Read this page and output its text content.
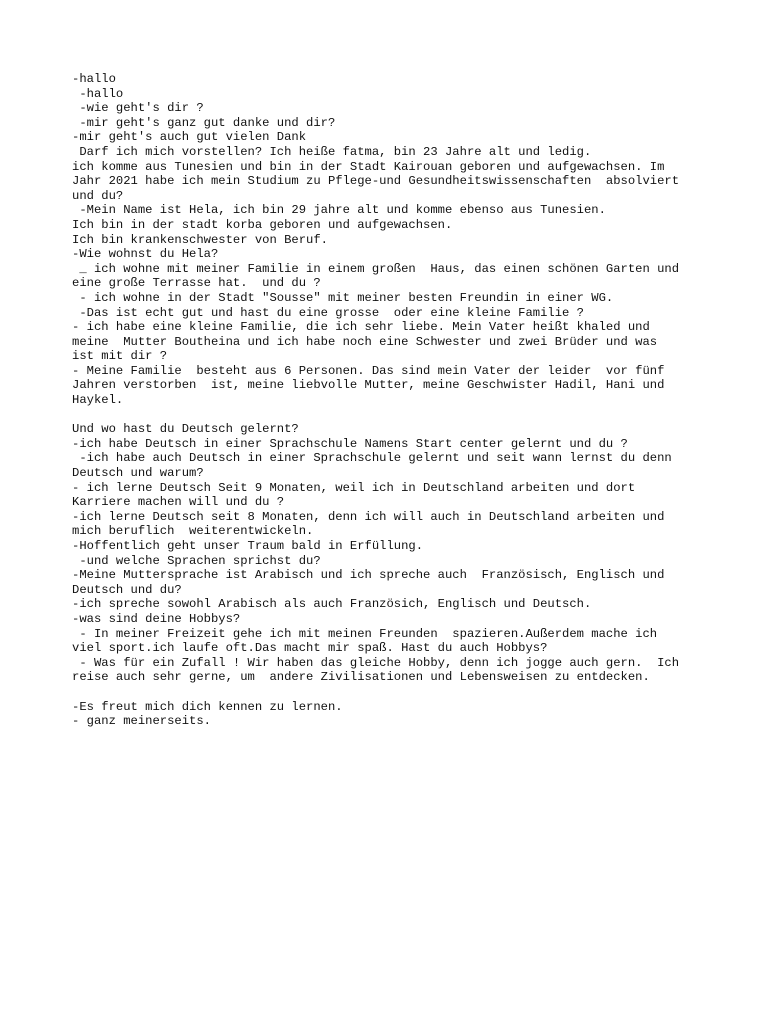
-hallo
-hallo
-wie geht's dir ?
-mir geht's ganz gut danke und dir?
-mir geht's auch gut vielen Dank
Darf ich mich vorstellen? Ich heiße fatma, bin 23 Jahre alt und ledig.
ich komme aus Tunesien und bin in der Stadt Kairouan geboren und aufgewachsen. Im
Jahr 2021 habe ich mein Studium zu Pflege-und Gesundheitswissenschaften  absolviert
und du?
-Mein Name ist Hela, ich bin 29 jahre alt und komme ebenso aus Tunesien.
Ich bin in der stadt korba geboren und aufgewachsen.
Ich bin krankenschwester von Beruf.
-Wie wohnst du Hela?
_ ich wohne mit meiner Familie in einem großen  Haus, das einen schönen Garten und
eine große Terrasse hat.  und du ?
- ich wohne in der Stadt "Sousse" mit meiner besten Freundin in einer WG.
-Das ist echt gut und hast du eine grosse  oder eine kleine Familie ?
- ich habe eine kleine Familie, die ich sehr liebe. Mein Vater heißt khaled und
meine  Mutter Boutheina und ich habe noch eine Schwester und zwei Brüder und was
ist mit dir ?
- Meine Familie  besteht aus 6 Personen. Das sind mein Vater der leider  vor fünf
Jahren verstorben  ist, meine liebvolle Mutter, meine Geschwister Hadil, Hani und
Haykel.
Und wo hast du Deutsch gelernt?
-ich habe Deutsch in einer Sprachschule Namens Start center gelernt und du ?
-ich habe auch Deutsch in einer Sprachschule gelernt und seit wann lernst du denn
Deutsch und warum?
- ich lerne Deutsch Seit 9 Monaten, weil ich in Deutschland arbeiten und dort
Karriere machen will und du ?
-ich lerne Deutsch seit 8 Monaten, denn ich will auch in Deutschland arbeiten und
mich beruflich  weiterentwickeln.
-Hoffentlich geht unser Traum bald in Erfüllung.
-und welche Sprachen sprichst du?
-Meine Muttersprache ist Arabisch und ich spreche auch  Französisch, Englisch und
Deutsch und du?
-ich spreche sowohl Arabisch als auch Französich, Englisch und Deutsch.
-was sind deine Hobbys?
- In meiner Freizeit gehe ich mit meinen Freunden  spazieren.Außerdem mache ich
viel sport.ich laufe oft.Das macht mir spaß. Hast du auch Hobbys?
- Was für ein Zufall ! Wir haben das gleiche Hobby, denn ich jogge auch gern.  Ich
reise auch sehr gerne, um  andere Zivilisationen und Lebensweisen zu entdecken.
-Es freut mich dich kennen zu lernen.
- ganz meinerseits.
